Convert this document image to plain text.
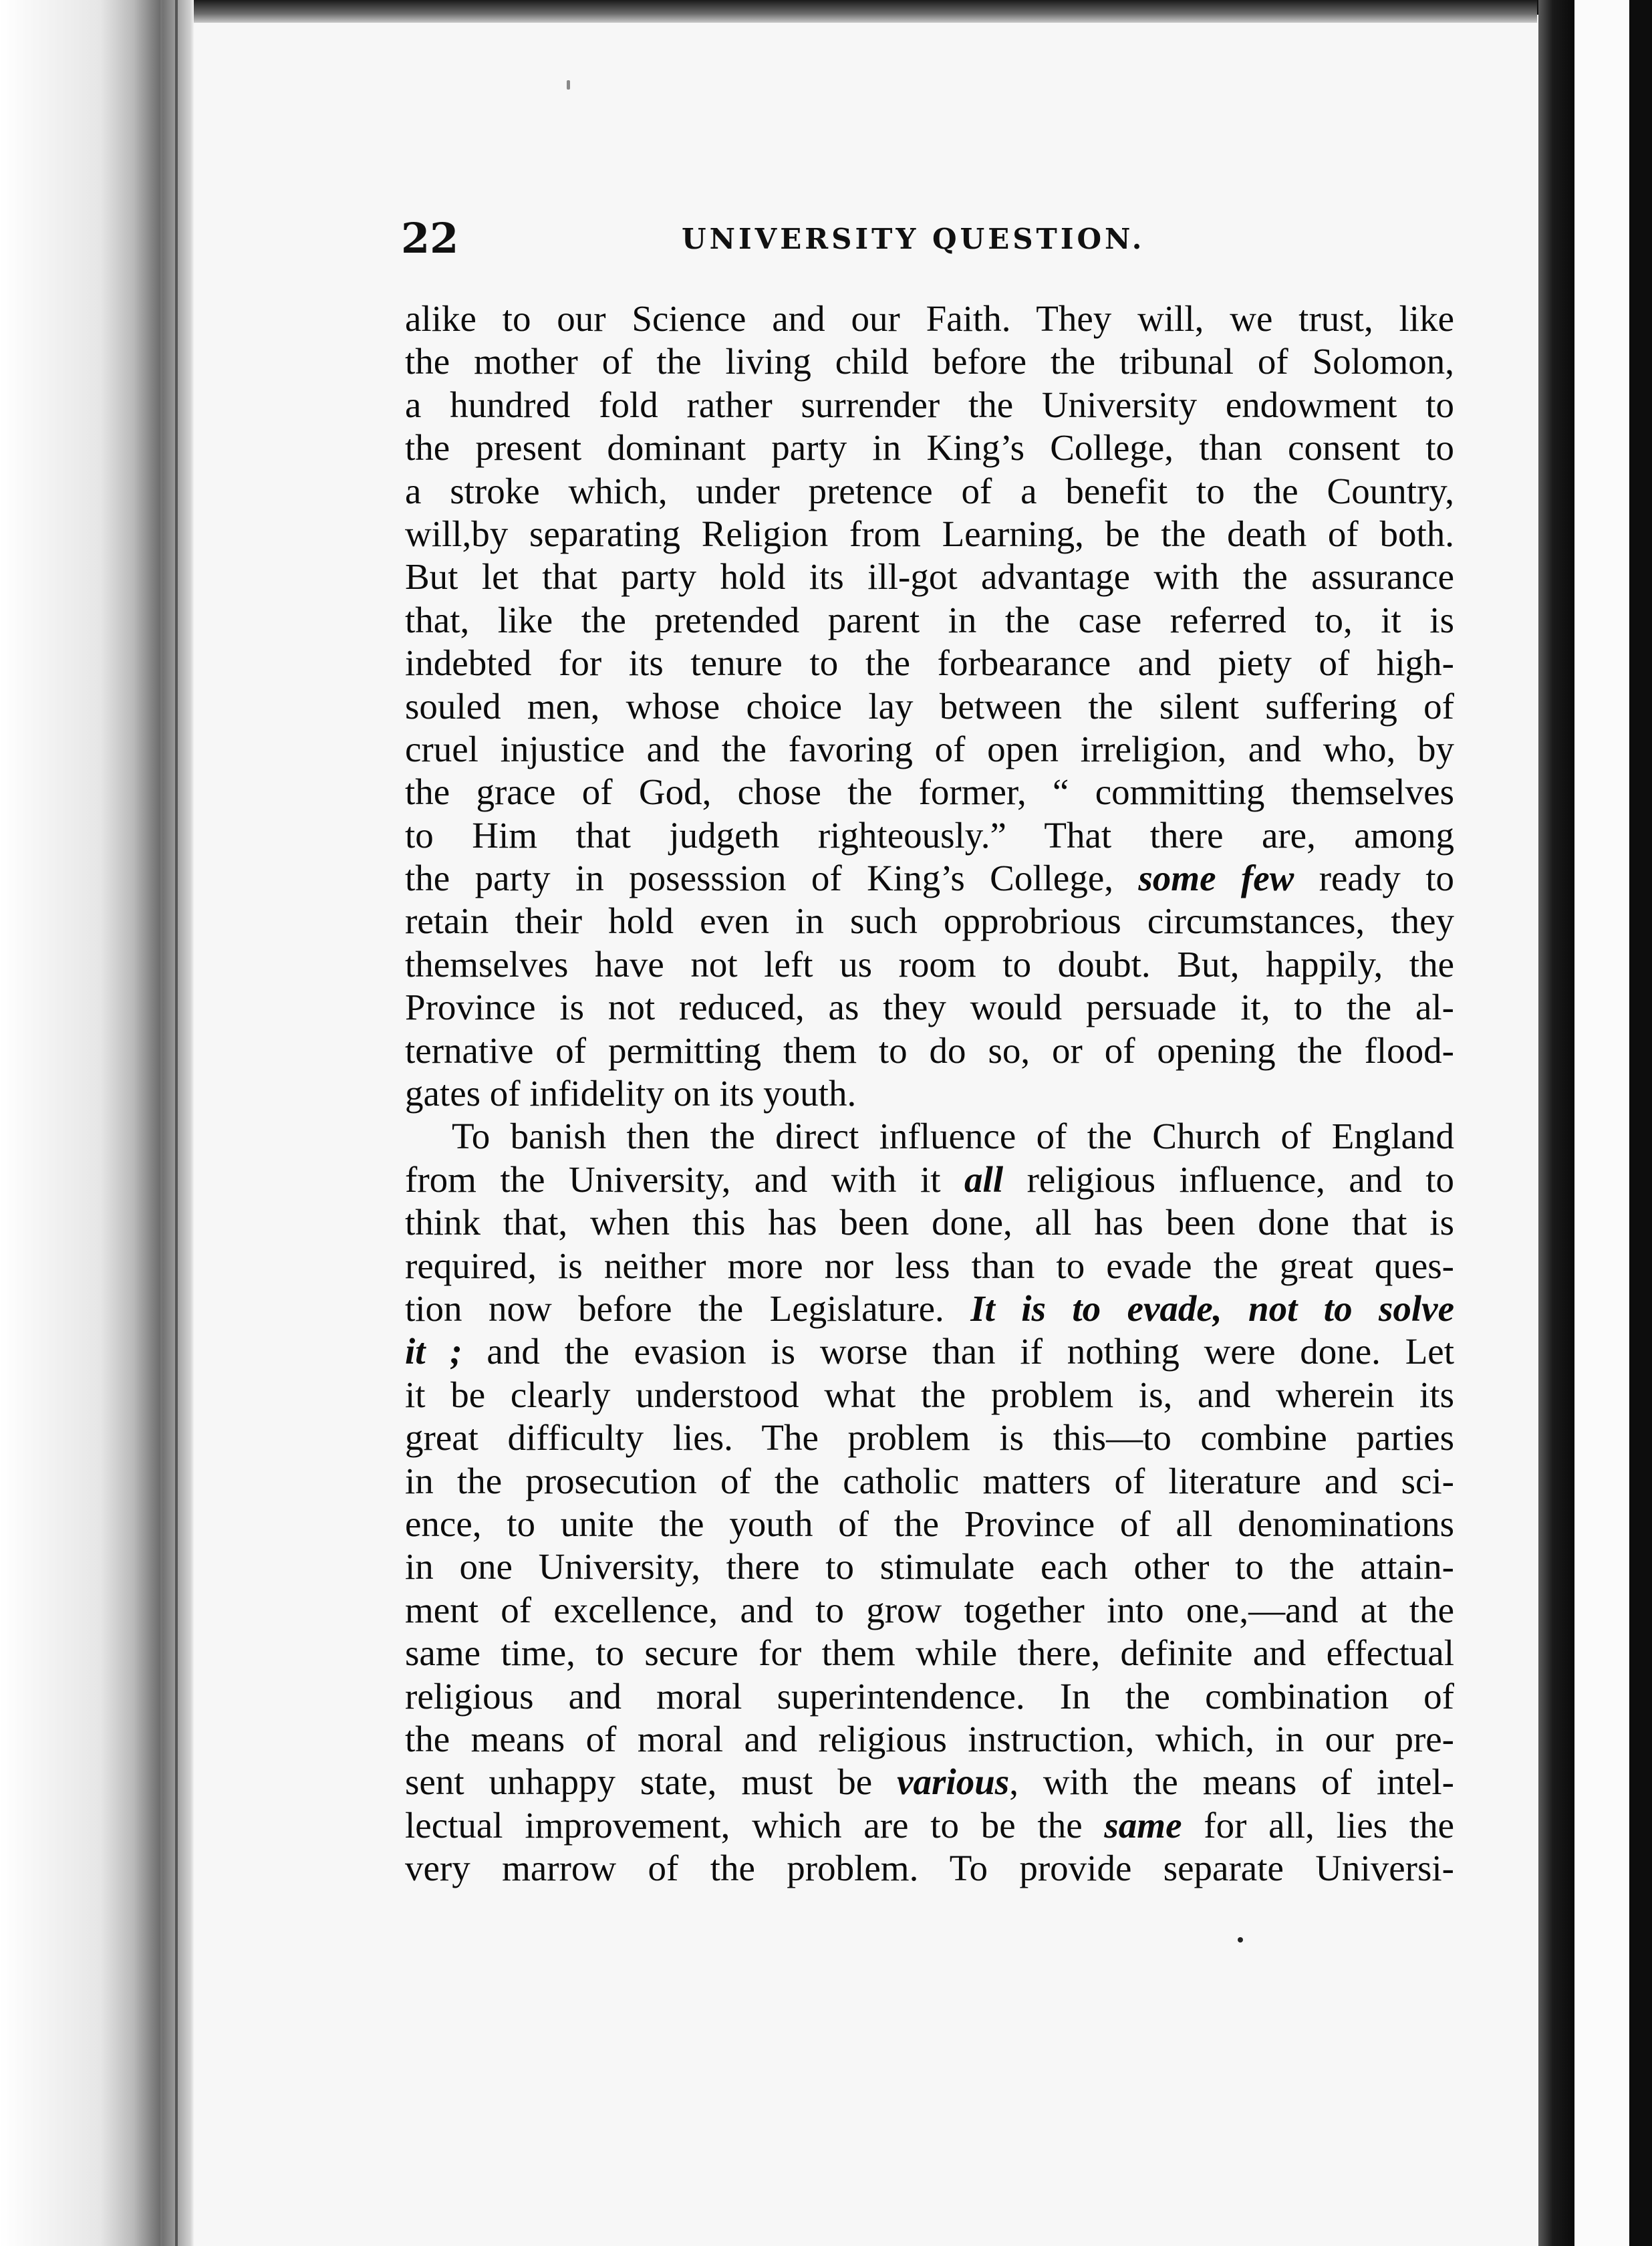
22	UNIVERSITY QUESTION.
alike to our Science and our Faith. They will, we trust, like
the mother of the living child before the tribunal of Solomon,
a hundred fold rather surrender the University endowment to
the present dominant party in King’s College, than consent to
a stroke which, under pretence of a benefit to the Country,
will,by separating Religion from Learning, be the death of both.
But let that party hold its ill-got advantage with the assurance
that, like the pretended parent in the case referred to, it is
indebted for its tenure to the forbearance and piety of high-
souled men, whose choice lay between the silent suffering of
cruel injustice and the favoring of open irreligion, and who, by
the grace of God, chose the former, “ committing themselves
to Him that judgeth righteously.” That there are, among
the party in posesssion of King’s College, some few ready to
retain their hold even in such opprobrious circumstances, they
themselves have not left us room to doubt. But, happily, the
Province is not reduced, as they would persuade it, to the al-
ternative of permitting them to do so, or of opening the flood-
gates of infidelity on its youth.
To banish then the direct influence of the Church of England
from the University, and with it all religious influence, and to
think that, when this has been done, all has been done that is
required, is neither more nor less than to evade the great ques-
tion now before the Legislature. It is to evade, not to solve
it ; and the evasion is worse than if nothing were done. Let
it be clearly understood what the problem is, and wherein its
great difficulty lies. The problem is this—to combine parties
in the prosecution of the catholic matters of literature and sci-
ence, to unite the youth of the Province of all denominations
in one University, there to stimulate each other to the attain-
ment of excellence, and to grow together into one,—and at the
same time, to secure for them while there, definite and effectual
religious and moral superintendence. In the combination of
the means of moral and religious instruction, which, in our pre-
sent unhappy state, must be various, with the means of intel-
lectual improvement, which are to be the same for all, lies the
very marrow of the problem. To provide separate Universi-
